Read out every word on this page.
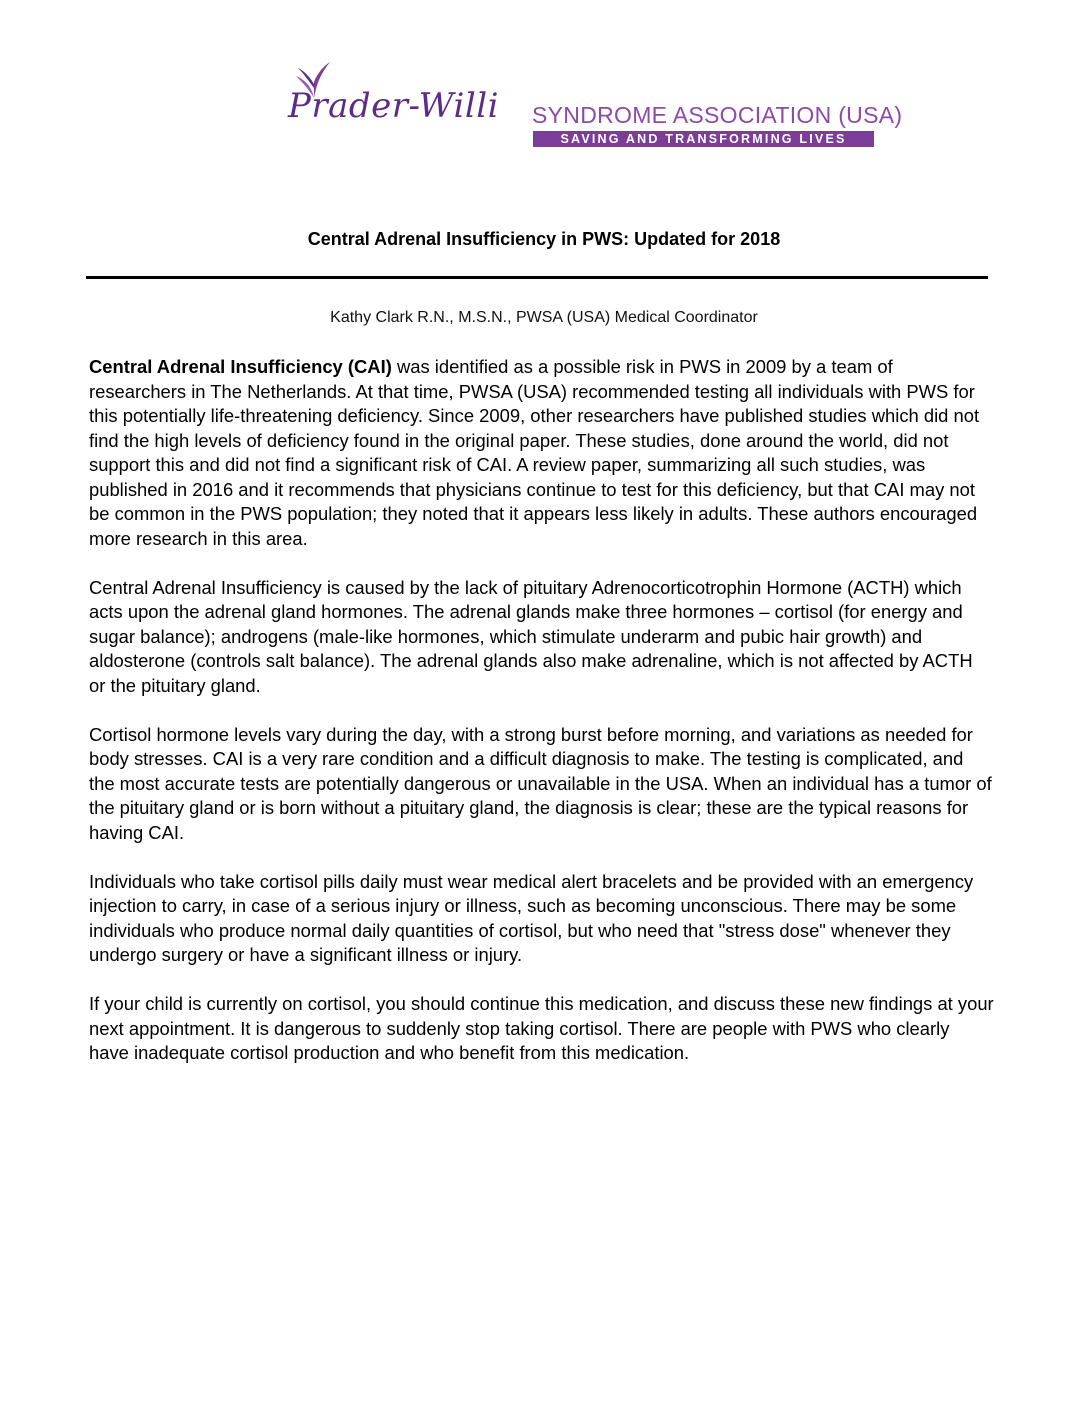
Prader-Willi SYNDROME ASSOCIATION (USA)
SAVING AND TRANSFORMING LIVES
Central Adrenal Insufficiency in PWS: Updated for 2018
Kathy Clark R.N., M.S.N., PWSA (USA) Medical Coordinator

Central Adrenal Insufficiency (CAI) was identified as a possible risk in PWS in 2009 by a team of researchers in The Netherlands. At that time, PWSA (USA) recommended testing all individuals with PWS for this potentially life-threatening deficiency. Since 2009, other researchers have published studies which did not find the high levels of deficiency found in the original paper. These studies, done around the world, did not support this and did not find a significant risk of CAI. A review paper, summarizing all such studies, was published in 2016 and it recommends that physicians continue to test for this deficiency, but that CAI may not be common in the PWS population; they noted that it appears less likely in adults. These authors encouraged more research in this area.

Central Adrenal Insufficiency is caused by the lack of pituitary Adrenocorticotrophin Hormone (ACTH) which acts upon the adrenal gland hormones. The adrenal glands make three hormones – cortisol (for energy and sugar balance); androgens (male-like hormones, which stimulate underarm and pubic hair growth) and aldosterone (controls salt balance). The adrenal glands also make adrenaline, which is not affected by ACTH or the pituitary gland.

Cortisol hormone levels vary during the day, with a strong burst before morning, and variations as needed for body stresses. CAI is a very rare condition and a difficult diagnosis to make. The testing is complicated, and the most accurate tests are potentially dangerous or unavailable in the USA. When an individual has a tumor of the pituitary gland or is born without a pituitary gland, the diagnosis is clear; these are the typical reasons for having CAI.

Individuals who take cortisol pills daily must wear medical alert bracelets and be provided with an emergency injection to carry, in case of a serious injury or illness, such as becoming unconscious. There may be some individuals who produce normal daily quantities of cortisol, but who need that "stress dose" whenever they undergo surgery or have a significant illness or injury.

If your child is currently on cortisol, you should continue this medication, and discuss these new findings at your next appointment. It is dangerous to suddenly stop taking cortisol. There are people with PWS who clearly have inadequate cortisol production and who benefit from this medication.
